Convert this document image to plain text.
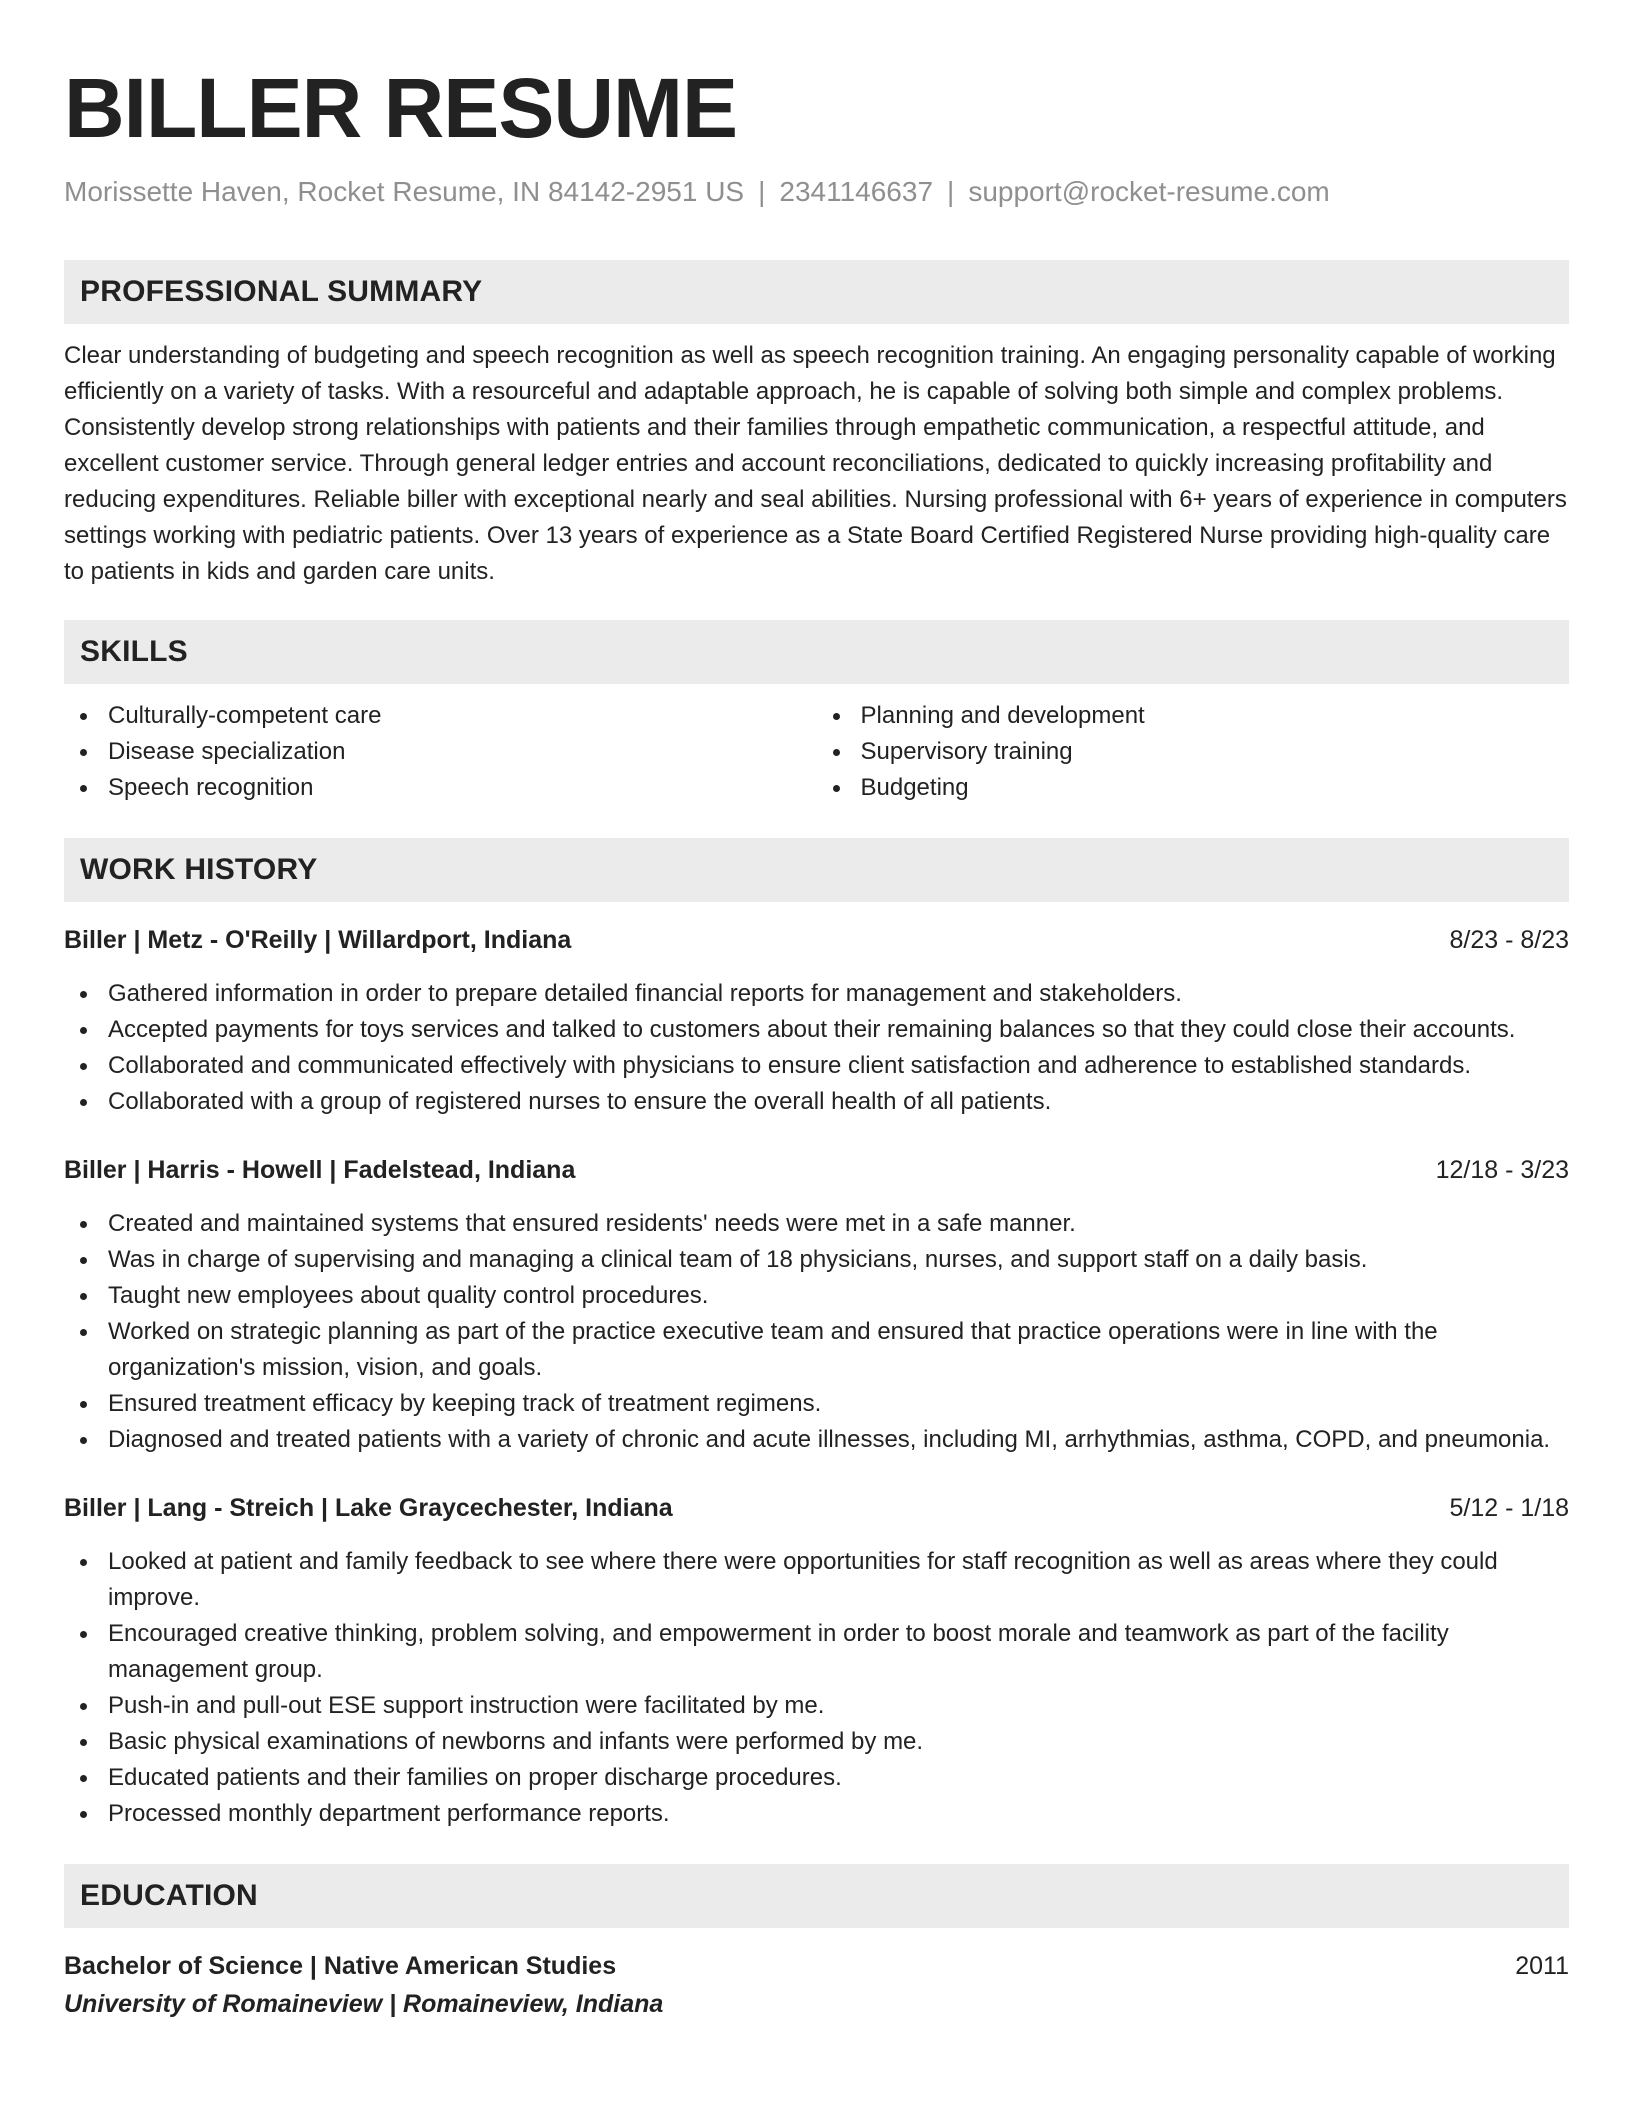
BILLER RESUME
Morissette Haven, Rocket Resume, IN 84142-2951 US | 2341146637 | support@rocket-resume.com
PROFESSIONAL SUMMARY

Clear understanding of budgeting and speech recognition as well as speech recognition training. An engaging personality capable of working efficiently on a variety of tasks. With a resourceful and adaptable approach, he is capable of solving both simple and complex problems. Consistently develop strong relationships with patients and their families through empathetic communication, a respectful attitude, and excellent customer service. Through general ledger entries and account reconciliations, dedicated to quickly increasing profitability and reducing expenditures. Reliable biller with exceptional nearly and seal abilities. Nursing professional with 6+ years of experience in computers settings working with pediatric patients. Over 13 years of experience as a State Board Certified Registered Nurse providing high-quality care to patients in kids and garden care units.

SKILLS
Culturally-competent care
Disease specialization
Speech recognition
Planning and development
Supervisory training
Budgeting
WORK HISTORY
Biller | Metz - O'Reilly | Willardport, Indiana	8/23 - 8/23
Gathered information in order to prepare detailed financial reports for management and stakeholders.
Accepted payments for toys services and talked to customers about their remaining balances so that they could close their accounts.
Collaborated and communicated effectively with physicians to ensure client satisfaction and adherence to established standards.
Collaborated with a group of registered nurses to ensure the overall health of all patients.
Biller | Harris - Howell | Fadelstead, Indiana	12/18 - 3/23
Created and maintained systems that ensured residents' needs were met in a safe manner.
Was in charge of supervising and managing a clinical team of 18 physicians, nurses, and support staff on a daily basis.
Taught new employees about quality control procedures.
Worked on strategic planning as part of the practice executive team and ensured that practice operations were in line with the organization's mission, vision, and goals.
Ensured treatment efficacy by keeping track of treatment regimens.
Diagnosed and treated patients with a variety of chronic and acute illnesses, including MI, arrhythmias, asthma, COPD, and pneumonia.
Biller | Lang - Streich | Lake Graycechester, Indiana	5/12 - 1/18
Looked at patient and family feedback to see where there were opportunities for staff recognition as well as areas where they could improve.
Encouraged creative thinking, problem solving, and empowerment in order to boost morale and teamwork as part of the facility management group.
Push-in and pull-out ESE support instruction were facilitated by me.
Basic physical examinations of newborns and infants were performed by me.
Educated patients and their families on proper discharge procedures.
Processed monthly department performance reports.
EDUCATION
Bachelor of Science | Native American Studies	2011
University of Romaineview | Romaineview, Indiana
